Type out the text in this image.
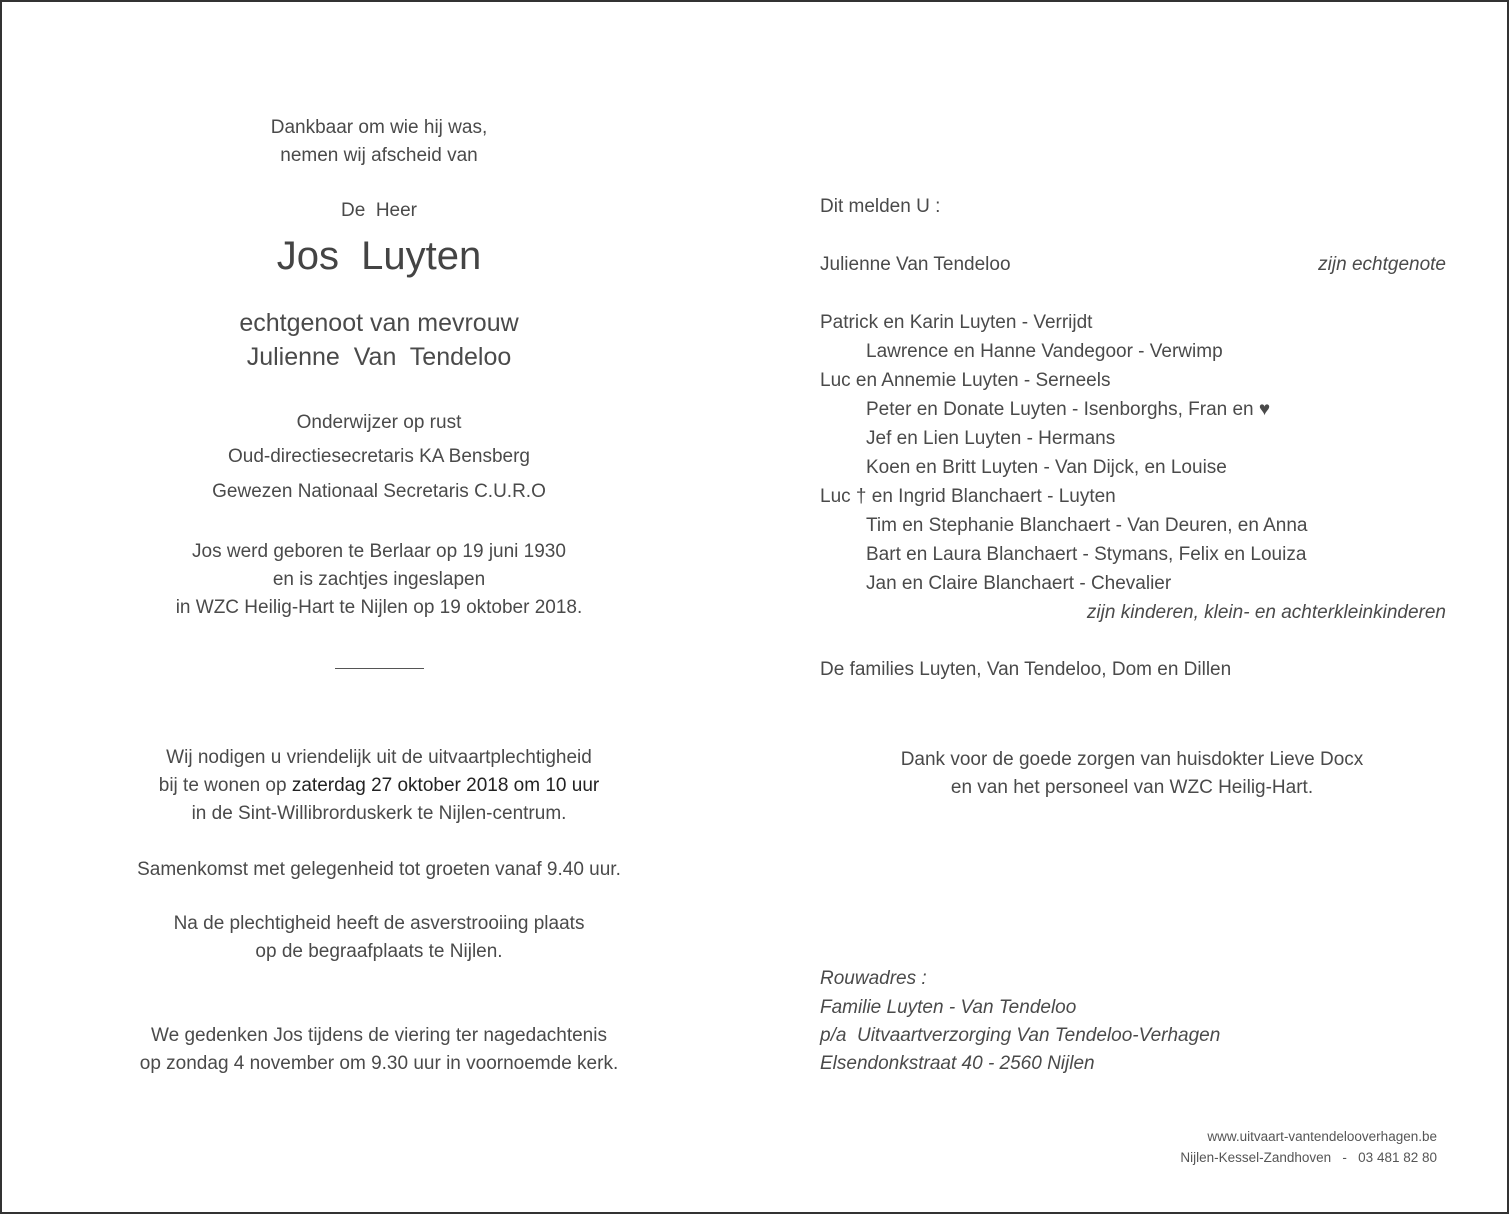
Dankbaar om wie hij was,
nemen wij afscheid van
De  Heer
Jos  Luyten
echtgenoot van mevrouw
Julienne  Van  Tendeloo
Onderwijzer op rust
Oud-directiesecretaris KA Bensberg
Gewezen Nationaal Secretaris C.U.R.O
Jos werd geboren te Berlaar op 19 juni 1930
en is zachtjes ingeslapen
in WZC Heilig-Hart te Nijlen op 19 oktober 2018.
Wij nodigen u vriendelijk uit de uitvaartplechtigheid
bij te wonen op zaterdag 27 oktober 2018 om 10 uur
in de Sint-Willibrorduskerk te Nijlen-centrum.
Samenkomst met gelegenheid tot groeten vanaf 9.40 uur.
Na de plechtigheid heeft de asverstrooiing plaats
op de begraafplaats te Nijlen.
We gedenken Jos tijdens de viering ter nagedachtenis
op zondag 4 november om 9.30 uur in voornoemde kerk.
Dit melden U :
Julienne Van Tendeloo	zijn echtgenote
Patrick en Karin Luyten - Verrijdt
Lawrence en Hanne Vandegoor - Verwimp
Luc en Annemie Luyten - Serneels
Peter en Donate Luyten - Isenborghs, Fran en ♥
Jef en Lien Luyten - Hermans
Koen en Britt Luyten - Van Dijck, en Louise
Luc † en Ingrid Blanchaert - Luyten
Tim en Stephanie Blanchaert - Van Deuren, en Anna
Bart en Laura Blanchaert - Stymans, Felix en Louiza
Jan en Claire Blanchaert - Chevalier
zijn kinderen, klein- en achterkleinkinderen
De families Luyten, Van Tendeloo, Dom en Dillen
Dank voor de goede zorgen van huisdokter Lieve Docx
en van het personeel van WZC Heilig-Hart.
Rouwadres :
Familie Luyten - Van Tendeloo
p/a  Uitvaartverzorging Van Tendeloo-Verhagen
Elsendonkstraat 40 - 2560 Nijlen
www.uitvaart-vantendelooverhagen.be
Nijlen-Kessel-Zandhoven   -   03 481 82 80
